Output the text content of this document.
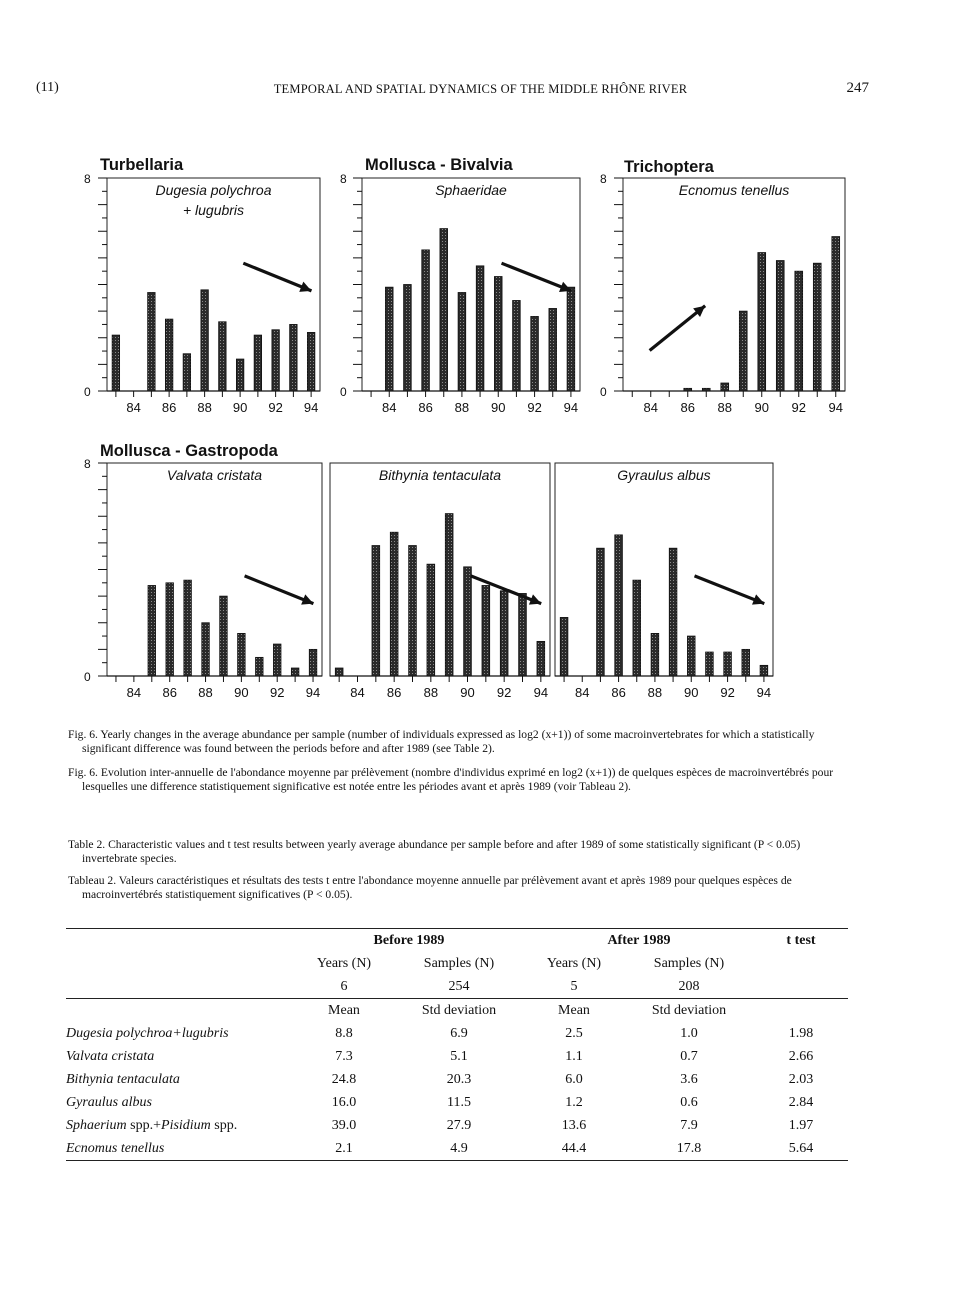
(11)	TEMPORAL AND SPATIAL DYNAMICS OF THE MIDDLE RHÔNE RIVER	247
8
0
Turbellaria
Dugesia polychroa
+ lugubris
84 86 88 90 92 94
8
0
Mollusca - Bivalvia
Sphaeridae
84 86 88 90 92 94
8
0
Trichoptera
Ecnomus tenellus
84 86 88 90 92 94
8
0
Mollusca - Gastropoda
Valvata cristata
84 86 88 90 92 94
Bithynia tentaculata
84 86 88 90 92 94
Gyraulus albus
84 86 88 90 92 94
Fig. 6. Yearly changes in the average abundance per sample (number of individuals expressed as log2 (x+1)) of some macroinvertebrates for which a statistically significant difference was found between the periods before and after 1989 (see Table 2).
Fig. 6. Evolution inter-annuelle de l'abondance moyenne par prélèvement (nombre d'individus exprimé en log2 (x+1)) de quelques espèces de macroinvertébrés pour lesquelles une difference statistiquement significative est notée entre les périodes avant et après 1989 (voir Tableau 2).
Table 2. Characteristic values and t test results between yearly average abundance per sample before and after 1989 of some statistically significant (P < 0.05) invertebrate species.
Tableau 2. Valeurs caractéristiques et résultats des tests t entre l'abondance moyenne annuelle par prélèvement avant et après 1989 pour quelques espèces de macroinvertébrés statistiquement significatives (P < 0.05).
	Before 1989		After 1989		t test
	Years (N)	Samples (N)	Years (N)	Samples (N)	
	6	254	5	208	
	Mean	Std deviation	Mean	Std deviation	
Dugesia polychroa+lugubris	8.8	6.9	2.5	1.0	1.98
Valvata cristata	7.3	5.1	1.1	0.7	2.66
Bithynia tentaculata	24.8	20.3	6.0	3.6	2.03
Gyraulus albus	16.0	11.5	1.2	0.6	2.84
Sphaerium spp.+Pisidium spp.	39.0	27.9	13.6	7.9	1.97
Ecnomus tenellus	2.1	4.9	44.4	17.8	5.64
